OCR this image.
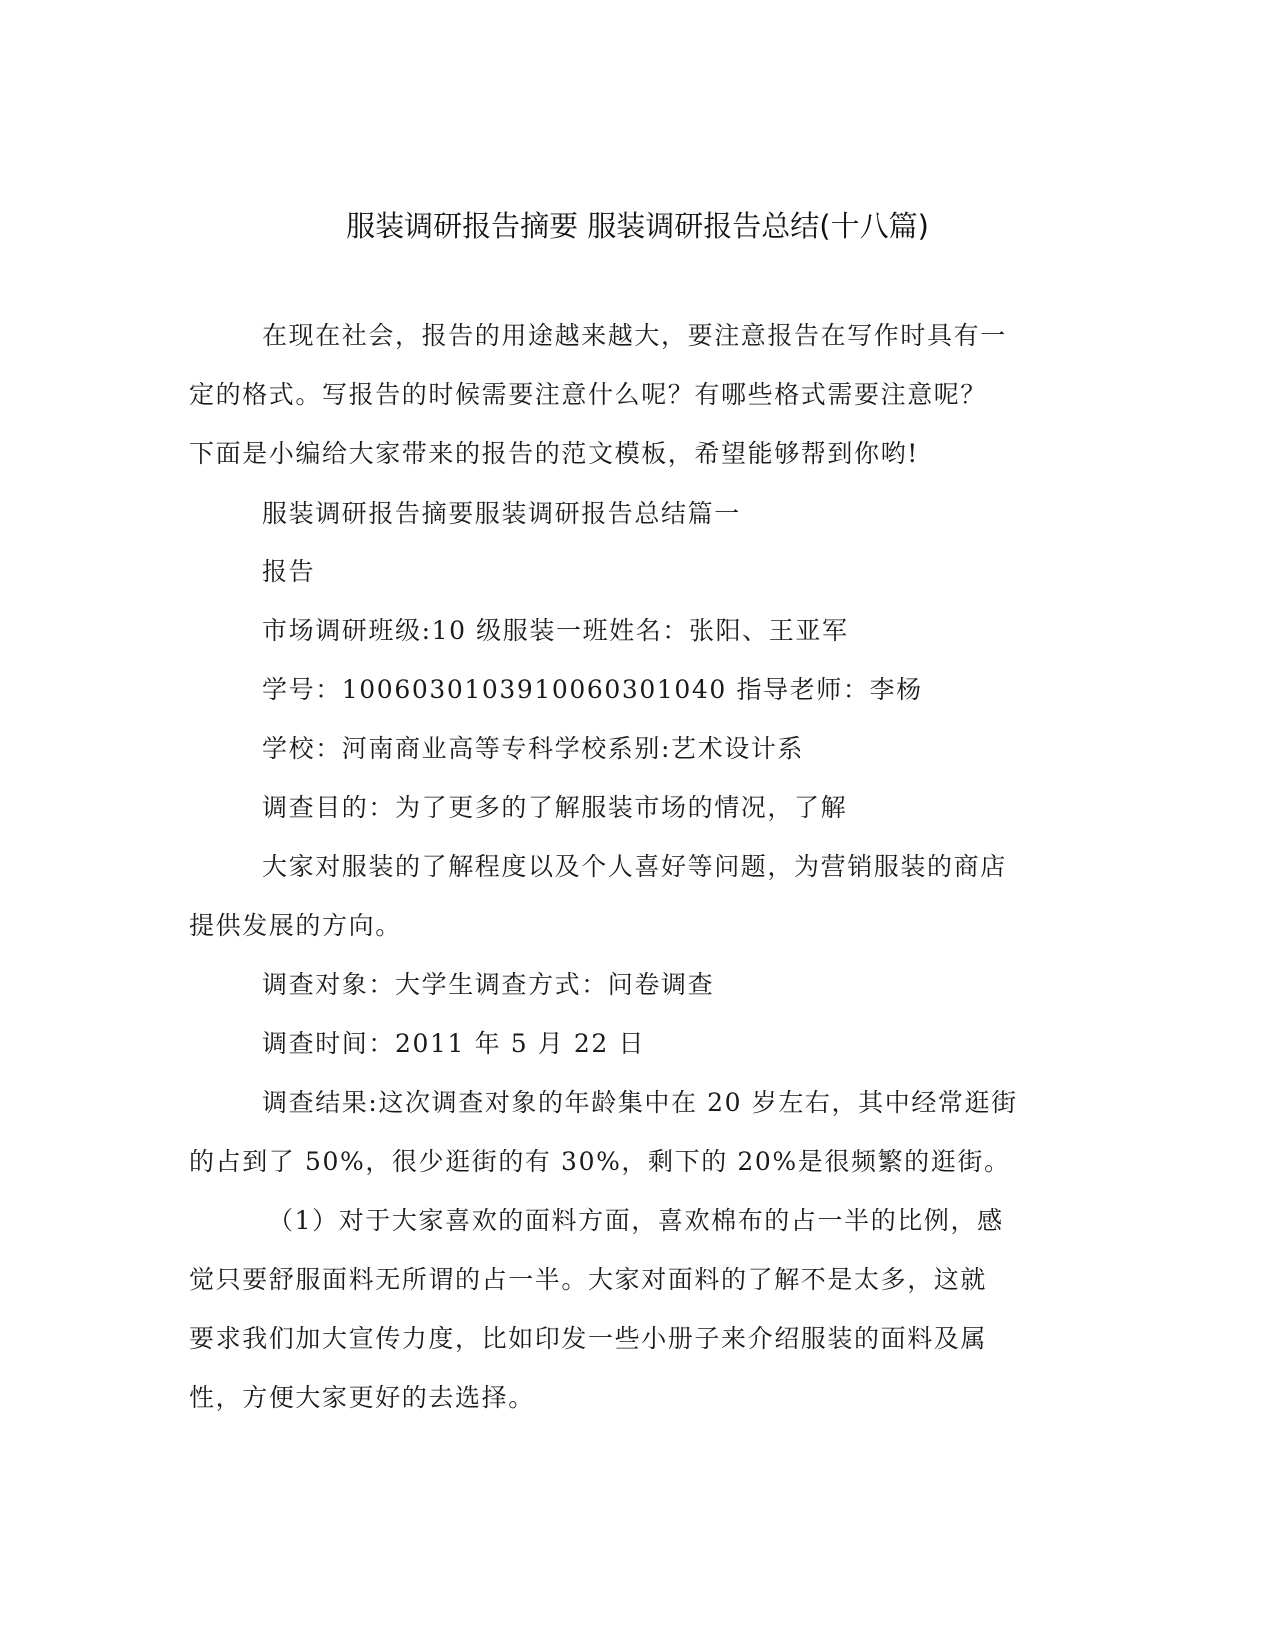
服装调研报告摘要 服装调研报告总结(十八篇)
在现在社会，报告的用途越来越大，要注意报告在写作时具有一
定的格式。写报告的时候需要注意什么呢？有哪些格式需要注意呢？
下面是小编给大家带来的报告的范文模板，希望能够帮到你哟!
服装调研报告摘要服装调研报告总结篇一
报告
市场调研班级:10 级服装一班姓名：张阳、王亚军
学号：1006030103910060301040 指导老师：李杨
学校：河南商业高等专科学校系别:艺术设计系
调查目的：为了更多的了解服装市场的情况，了解
大家对服装的了解程度以及个人喜好等问题，为营销服装的商店
提供发展的方向。
调查对象：大学生调查方式：问卷调查
调查时间：2011 年 5 月 22 日
调查结果:这次调查对象的年龄集中在 20 岁左右，其中经常逛街
的占到了 50%，很少逛街的有 30%，剩下的 20%是很频繁的逛街。
（1）对于大家喜欢的面料方面，喜欢棉布的占一半的比例，感
觉只要舒服面料无所谓的占一半。大家对面料的了解不是太多，这就
要求我们加大宣传力度，比如印发一些小册子来介绍服装的面料及属
性，方便大家更好的去选择。
